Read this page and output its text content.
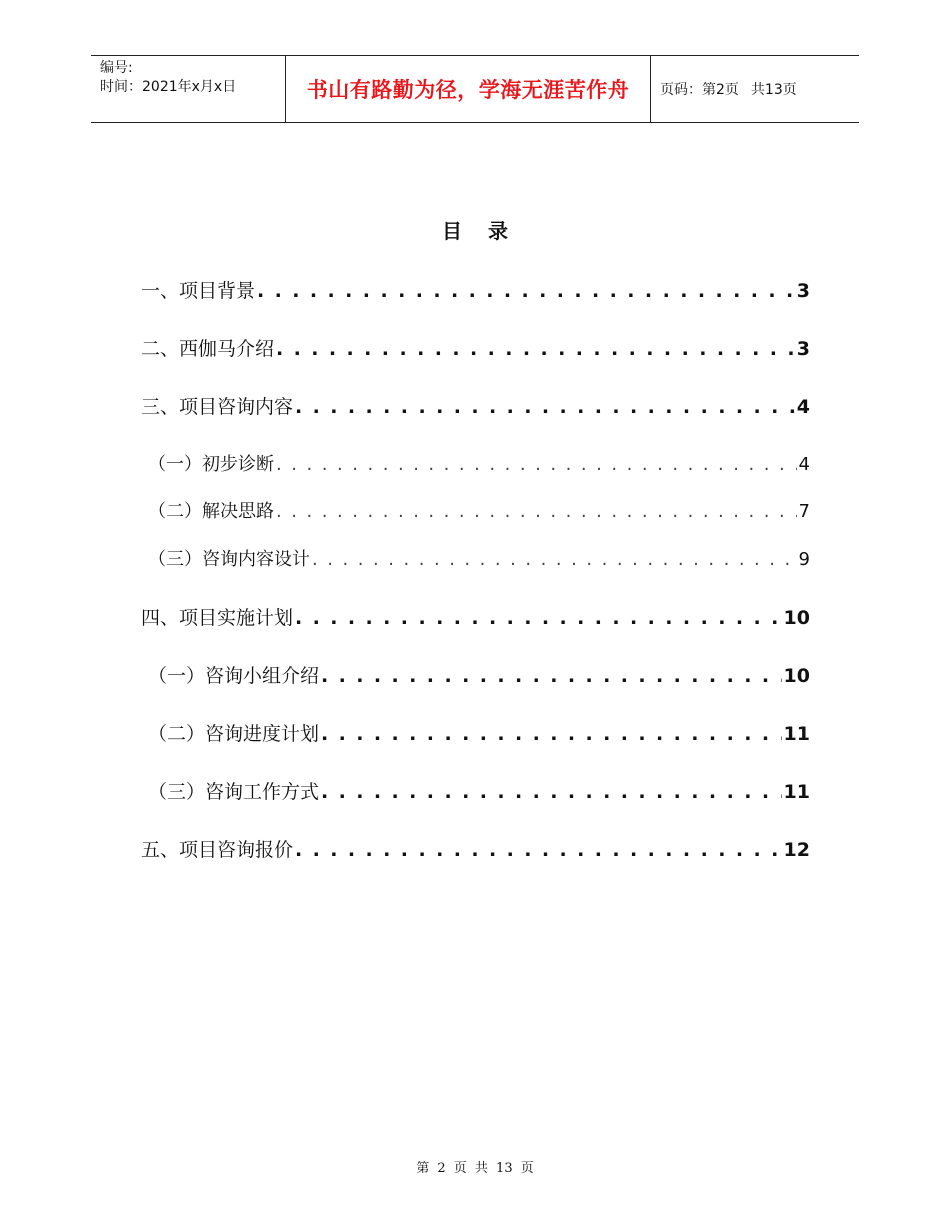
编号:
时间：2021年x月x日	书山有路勤为径，学海无涯苦作舟	页码：第2页 共13页
目录
一、项目背景 . . .	3
二、西伽马介绍 . . .	3
三、项目咨询内容 . . .	4
（一）初步诊断 . . .	4
（二）解决思路 . . .	7
（三）咨询内容设计 . . .	9
四、项目实施计划 . . .	10
（一）咨询小组介绍 . . .	10
（二）咨询进度计划 . . .	11
（三）咨询工作方式 . . .	11
五、项目咨询报价 . . .	12
第 2 页 共 13 页
